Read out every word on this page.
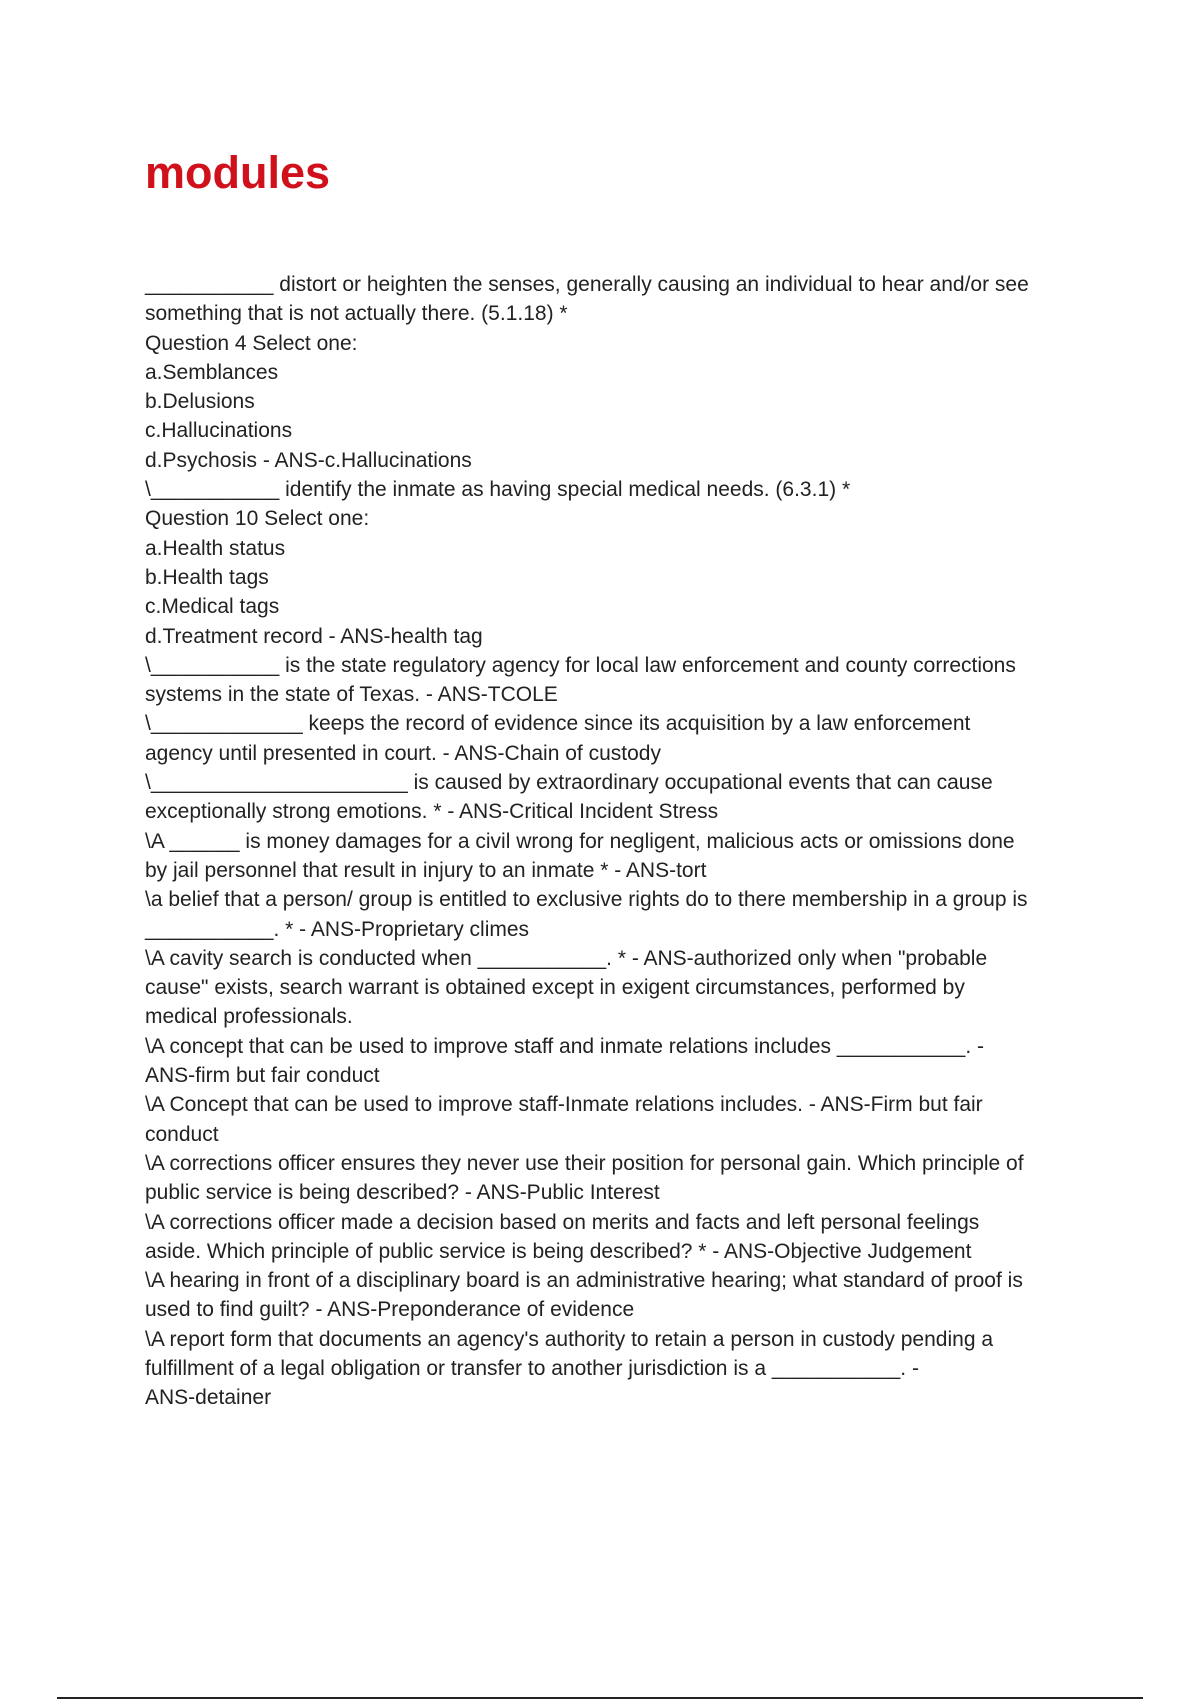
modules
___________ distort or heighten the senses, generally causing an individual to hear and/or see
something that is not actually there. (5.1.18) *
Question 4 Select one:
a.Semblances
b.Delusions
c.Hallucinations
d.Psychosis - ANS-c.Hallucinations
\___________ identify the inmate as having special medical needs. (6.3.1) *
Question 10 Select one:
a.Health status
b.Health tags
c.Medical tags
d.Treatment record - ANS-health tag
\___________ is the state regulatory agency for local law enforcement and county corrections
systems in the state of Texas. - ANS-TCOLE
\_____________ keeps the record of evidence since its acquisition by a law enforcement
agency until presented in court. - ANS-Chain of custody
\______________________ is caused by extraordinary occupational events that can cause
exceptionally strong emotions. * - ANS-Critical Incident Stress
\A ______ is money damages for a civil wrong for negligent, malicious acts or omissions done
by jail personnel that result in injury to an inmate * - ANS-tort
\a belief that a person/ group is entitled to exclusive rights do to there membership in a group is
___________. * - ANS-Proprietary climes
\A cavity search is conducted when ___________. * - ANS-authorized only when "probable
cause" exists, search warrant is obtained except in exigent circumstances, performed by
medical professionals.
\A concept that can be used to improve staff and inmate relations includes ___________. -
ANS-firm but fair conduct
\A Concept that can be used to improve staff-Inmate relations includes. - ANS-Firm but fair
conduct
\A corrections officer ensures they never use their position for personal gain. Which principle of
public service is being described? - ANS-Public Interest
\A corrections officer made a decision based on merits and facts and left personal feelings
aside. Which principle of public service is being described? * - ANS-Objective Judgement
\A hearing in front of a disciplinary board is an administrative hearing; what standard of proof is
used to find guilt? - ANS-Preponderance of evidence
\A report form that documents an agency's authority to retain a person in custody pending a
fulfillment of a legal obligation or transfer to another jurisdiction is a ___________. -
ANS-detainer
